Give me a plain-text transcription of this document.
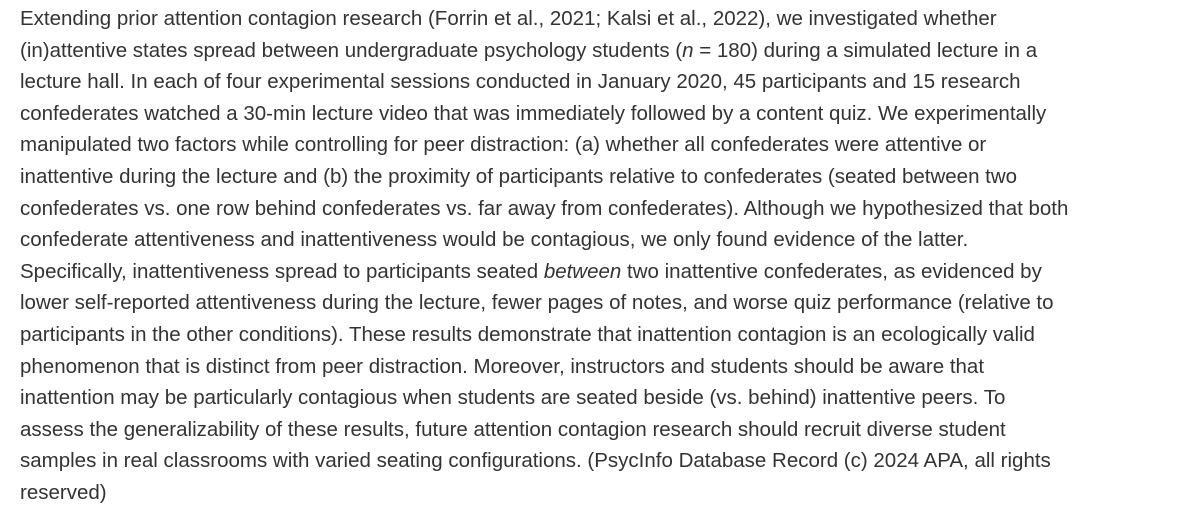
Extending prior attention contagion research (Forrin et al., 2021; Kalsi et al., 2022), we investigated whether
(in)attentive states spread between undergraduate psychology students (n = 180) during a simulated lecture in a
lecture hall. In each of four experimental sessions conducted in January 2020, 45 participants and 15 research
confederates watched a 30-min lecture video that was immediately followed by a content quiz. We experimentally
manipulated two factors while controlling for peer distraction: (a) whether all confederates were attentive or
inattentive during the lecture and (b) the proximity of participants relative to confederates (seated between two
confederates vs. one row behind confederates vs. far away from confederates). Although we hypothesized that both
confederate attentiveness and inattentiveness would be contagious, we only found evidence of the latter.
Specifically, inattentiveness spread to participants seated between two inattentive confederates, as evidenced by
lower self-reported attentiveness during the lecture, fewer pages of notes, and worse quiz performance (relative to
participants in the other conditions). These results demonstrate that inattention contagion is an ecologically valid
phenomenon that is distinct from peer distraction. Moreover, instructors and students should be aware that
inattention may be particularly contagious when students are seated beside (vs. behind) inattentive peers. To
assess the generalizability of these results, future attention contagion research should recruit diverse student
samples in real classrooms with varied seating configurations. (PsycInfo Database Record (c) 2024 APA, all rights
reserved)
